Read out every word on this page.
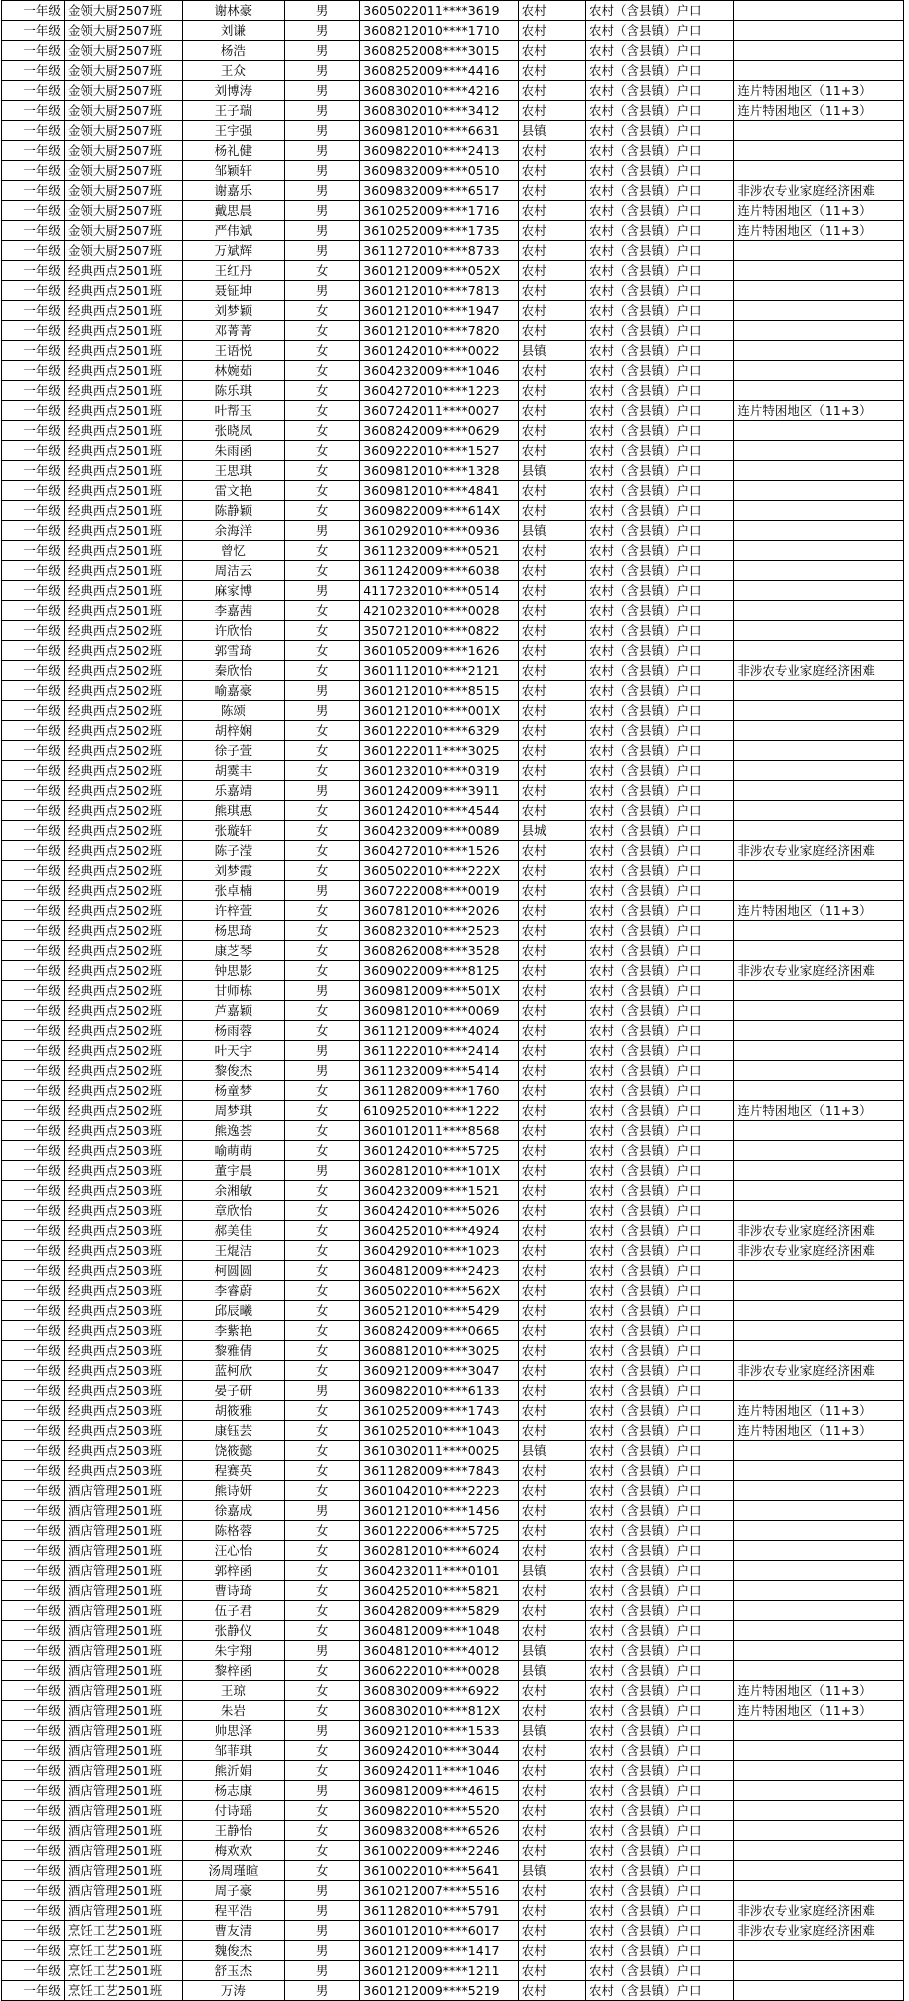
一年级	金领大厨2507班	谢林豪	男	3605022011****3619	农村	农村（含县镇）户口	
一年级	金领大厨2507班	刘谦	男	3608212010****1710	农村	农村（含县镇）户口	
一年级	金领大厨2507班	杨浩	男	3608252008****3015	农村	农村（含县镇）户口	
一年级	金领大厨2507班	王众	男	3608252009****4416	农村	农村（含县镇）户口	
一年级	金领大厨2507班	刘博涛	男	3608302010****4216	农村	农村（含县镇）户口	连片特困地区（11+3）
一年级	金领大厨2507班	王子瑞	男	3608302010****3412	农村	农村（含县镇）户口	连片特困地区（11+3）
一年级	金领大厨2507班	王宇强	男	3609812010****6631	县镇	农村（含县镇）户口	
一年级	金领大厨2507班	杨礼健	男	3609822010****2413	农村	农村（含县镇）户口	
一年级	金领大厨2507班	邹颖轩	男	3609832009****0510	农村	农村（含县镇）户口	
一年级	金领大厨2507班	谢嘉乐	男	3609832009****6517	农村	农村（含县镇）户口	非涉农专业家庭经济困难
一年级	金领大厨2507班	戴思晨	男	3610252009****1716	农村	农村（含县镇）户口	连片特困地区（11+3）
一年级	金领大厨2507班	严伟斌	男	3610252009****1735	农村	农村（含县镇）户口	连片特困地区（11+3）
一年级	金领大厨2507班	万斌辉	男	3611272010****8733	农村	农村（含县镇）户口	
一年级	经典西点2501班	王红丹	女	3601212009****052X	农村	农村（含县镇）户口	
一年级	经典西点2501班	聂钲坤	男	3601212010****7813	农村	农村（含县镇）户口	
一年级	经典西点2501班	刘梦颖	女	3601212010****1947	农村	农村（含县镇）户口	
一年级	经典西点2501班	邓菁菁	女	3601212010****7820	农村	农村（含县镇）户口	
一年级	经典西点2501班	王语悦	女	3601242010****0022	县镇	农村（含县镇）户口	
一年级	经典西点2501班	林婉茹	女	3604232009****1046	农村	农村（含县镇）户口	
一年级	经典西点2501班	陈乐琪	女	3604272010****1223	农村	农村（含县镇）户口	
一年级	经典西点2501班	叶帮玉	女	3607242011****0027	农村	农村（含县镇）户口	连片特困地区（11+3）
一年级	经典西点2501班	张晓凤	女	3608242009****0629	农村	农村（含县镇）户口	
一年级	经典西点2501班	朱雨函	女	3609222010****1527	农村	农村（含县镇）户口	
一年级	经典西点2501班	王思琪	女	3609812010****1328	县镇	农村（含县镇）户口	
一年级	经典西点2501班	雷文艳	女	3609812010****4841	农村	农村（含县镇）户口	
一年级	经典西点2501班	陈静颖	女	3609822009****614X	农村	农村（含县镇）户口	
一年级	经典西点2501班	余海洋	男	3610292010****0936	县镇	农村（含县镇）户口	
一年级	经典西点2501班	曾忆	女	3611232009****0521	农村	农村（含县镇）户口	
一年级	经典西点2501班	周洁云	女	3611242009****6038	农村	农村（含县镇）户口	
一年级	经典西点2501班	麻家博	男	4117232010****0514	农村	农村（含县镇）户口	
一年级	经典西点2501班	李嘉茜	女	4210232010****0028	农村	农村（含县镇）户口	
一年级	经典西点2502班	许欣怡	女	3507212010****0822	农村	农村（含县镇）户口	
一年级	经典西点2502班	郭雪琦	女	3601052009****1626	农村	农村（含县镇）户口	
一年级	经典西点2502班	秦欣怡	女	3601112010****2121	农村	农村（含县镇）户口	非涉农专业家庭经济困难
一年级	经典西点2502班	喻嘉豪	男	3601212010****8515	农村	农村（含县镇）户口	
一年级	经典西点2502班	陈颂	男	3601212010****001X	农村	农村（含县镇）户口	
一年级	经典西点2502班	胡梓娴	女	3601222010****6329	农村	农村（含县镇）户口	
一年级	经典西点2502班	徐子萱	女	3601222011****3025	农村	农村（含县镇）户口	
一年级	经典西点2502班	胡霙丰	女	3601232010****0319	农村	农村（含县镇）户口	
一年级	经典西点2502班	乐嘉靖	男	3601242009****3911	农村	农村（含县镇）户口	
一年级	经典西点2502班	熊琪惠	女	3601242010****4544	农村	农村（含县镇）户口	
一年级	经典西点2502班	张璇轩	女	3604232009****0089	县城	农村（含县镇）户口	
一年级	经典西点2502班	陈子滢	女	3604272010****1526	农村	农村（含县镇）户口	非涉农专业家庭经济困难
一年级	经典西点2502班	刘梦霞	女	3605022010****222X	农村	农村（含县镇）户口	
一年级	经典西点2502班	张卓楠	男	3607222008****0019	农村	农村（含县镇）户口	
一年级	经典西点2502班	许梓萱	女	3607812010****2026	农村	农村（含县镇）户口	连片特困地区（11+3）
一年级	经典西点2502班	杨思琦	女	3608232010****2523	农村	农村（含县镇）户口	
一年级	经典西点2502班	康芝琴	女	3608262008****3528	农村	农村（含县镇）户口	
一年级	经典西点2502班	钟思影	女	3609022009****8125	农村	农村（含县镇）户口	非涉农专业家庭经济困难
一年级	经典西点2502班	甘师栋	男	3609812009****501X	农村	农村（含县镇）户口	
一年级	经典西点2502班	芦嘉颖	女	3609812010****0069	农村	农村（含县镇）户口	
一年级	经典西点2502班	杨雨蓉	女	3611212009****4024	农村	农村（含县镇）户口	
一年级	经典西点2502班	叶天宇	男	3611222010****2414	农村	农村（含县镇）户口	
一年级	经典西点2502班	黎俊杰	男	3611232009****5414	农村	农村（含县镇）户口	
一年级	经典西点2502班	杨童梦	女	3611282009****1760	农村	农村（含县镇）户口	
一年级	经典西点2502班	周梦琪	女	6109252010****1222	农村	农村（含县镇）户口	连片特困地区（11+3）
一年级	经典西点2503班	熊逸荟	女	3601012011****8568	农村	农村（含县镇）户口	
一年级	经典西点2503班	喻萌萌	女	3601242010****5725	农村	农村（含县镇）户口	
一年级	经典西点2503班	董宇晨	男	3602812010****101X	农村	农村（含县镇）户口	
一年级	经典西点2503班	余湘敏	女	3604232009****1521	农村	农村（含县镇）户口	
一年级	经典西点2503班	章欣怡	女	3604242010****5026	农村	农村（含县镇）户口	
一年级	经典西点2503班	郝美佳	女	3604252010****4924	农村	农村（含县镇）户口	非涉农专业家庭经济困难
一年级	经典西点2503班	王焜洁	女	3604292010****1023	农村	农村（含县镇）户口	非涉农专业家庭经济困难
一年级	经典西点2503班	柯圆圆	女	3604812009****2423	农村	农村（含县镇）户口	
一年级	经典西点2503班	李睿蔚	女	3605022010****562X	农村	农村（含县镇）户口	
一年级	经典西点2503班	邱辰曦	女	3605212010****5429	农村	农村（含县镇）户口	
一年级	经典西点2503班	李紫艳	女	3608242009****0665	农村	农村（含县镇）户口	
一年级	经典西点2503班	黎雅倩	女	3608812010****3025	农村	农村（含县镇）户口	
一年级	经典西点2503班	蓝柯欣	女	3609212009****3047	农村	农村（含县镇）户口	非涉农专业家庭经济困难
一年级	经典西点2503班	晏子研	男	3609822010****6133	农村	农村（含县镇）户口	
一年级	经典西点2503班	胡筱雅	女	3610252009****1743	农村	农村（含县镇）户口	连片特困地区（11+3）
一年级	经典西点2503班	康钰芸	女	3610252010****1043	农村	农村（含县镇）户口	连片特困地区（11+3）
一年级	经典西点2503班	饶筱懿	女	3610302011****0025	县镇	农村（含县镇）户口	
一年级	经典西点2503班	程赛英	女	3611282009****7843	农村	农村（含县镇）户口	
一年级	酒店管理2501班	熊诗妍	女	3601042010****2223	农村	农村（含县镇）户口	
一年级	酒店管理2501班	徐嘉成	男	3601212010****1456	农村	农村（含县镇）户口	
一年级	酒店管理2501班	陈格蓉	女	3601222006****5725	农村	农村（含县镇）户口	
一年级	酒店管理2501班	汪心怡	女	3602812010****6024	农村	农村（含县镇）户口	
一年级	酒店管理2501班	郭梓函	女	3604232011****0101	县镇	农村（含县镇）户口	
一年级	酒店管理2501班	曹诗琦	女	3604252010****5821	农村	农村（含县镇）户口	
一年级	酒店管理2501班	伍子君	女	3604282009****5829	农村	农村（含县镇）户口	
一年级	酒店管理2501班	张静仪	女	3604812009****1048	农村	农村（含县镇）户口	
一年级	酒店管理2501班	朱宇翔	男	3604812010****4012	县镇	农村（含县镇）户口	
一年级	酒店管理2501班	黎梓函	女	3606222010****0028	县镇	农村（含县镇）户口	
一年级	酒店管理2501班	王琼	女	3608302009****6922	农村	农村（含县镇）户口	连片特困地区（11+3）
一年级	酒店管理2501班	朱岩	女	3608302010****812X	农村	农村（含县镇）户口	连片特困地区（11+3）
一年级	酒店管理2501班	帅思泽	男	3609212010****1533	县镇	农村（含县镇）户口	
一年级	酒店管理2501班	邹菲琪	女	3609242010****3044	农村	农村（含县镇）户口	
一年级	酒店管理2501班	熊沂娟	女	3609242011****1046	农村	农村（含县镇）户口	
一年级	酒店管理2501班	杨志康	男	3609812009****4615	农村	农村（含县镇）户口	
一年级	酒店管理2501班	付诗瑶	女	3609822010****5520	农村	农村（含县镇）户口	
一年级	酒店管理2501班	王静怡	女	3609832008****6526	农村	农村（含县镇）户口	
一年级	酒店管理2501班	梅欢欢	女	3610022009****2246	农村	农村（含县镇）户口	
一年级	酒店管理2501班	汤周瑾暄	女	3610022010****5641	县镇	农村（含县镇）户口	
一年级	酒店管理2501班	周子豪	男	3610212007****5516	农村	农村（含县镇）户口	
一年级	酒店管理2501班	程平浩	男	3611282010****5791	农村	农村（含县镇）户口	非涉农专业家庭经济困难
一年级	烹饪工艺2501班	曹友清	男	3601012010****6017	农村	农村（含县镇）户口	非涉农专业家庭经济困难
一年级	烹饪工艺2501班	魏俊杰	男	3601212009****1417	农村	农村（含县镇）户口	
一年级	烹饪工艺2501班	舒玉杰	男	3601212009****1211	农村	农村（含县镇）户口	
一年级	烹饪工艺2501班	万涛	男	3601212009****5219	农村	农村（含县镇）户口	
